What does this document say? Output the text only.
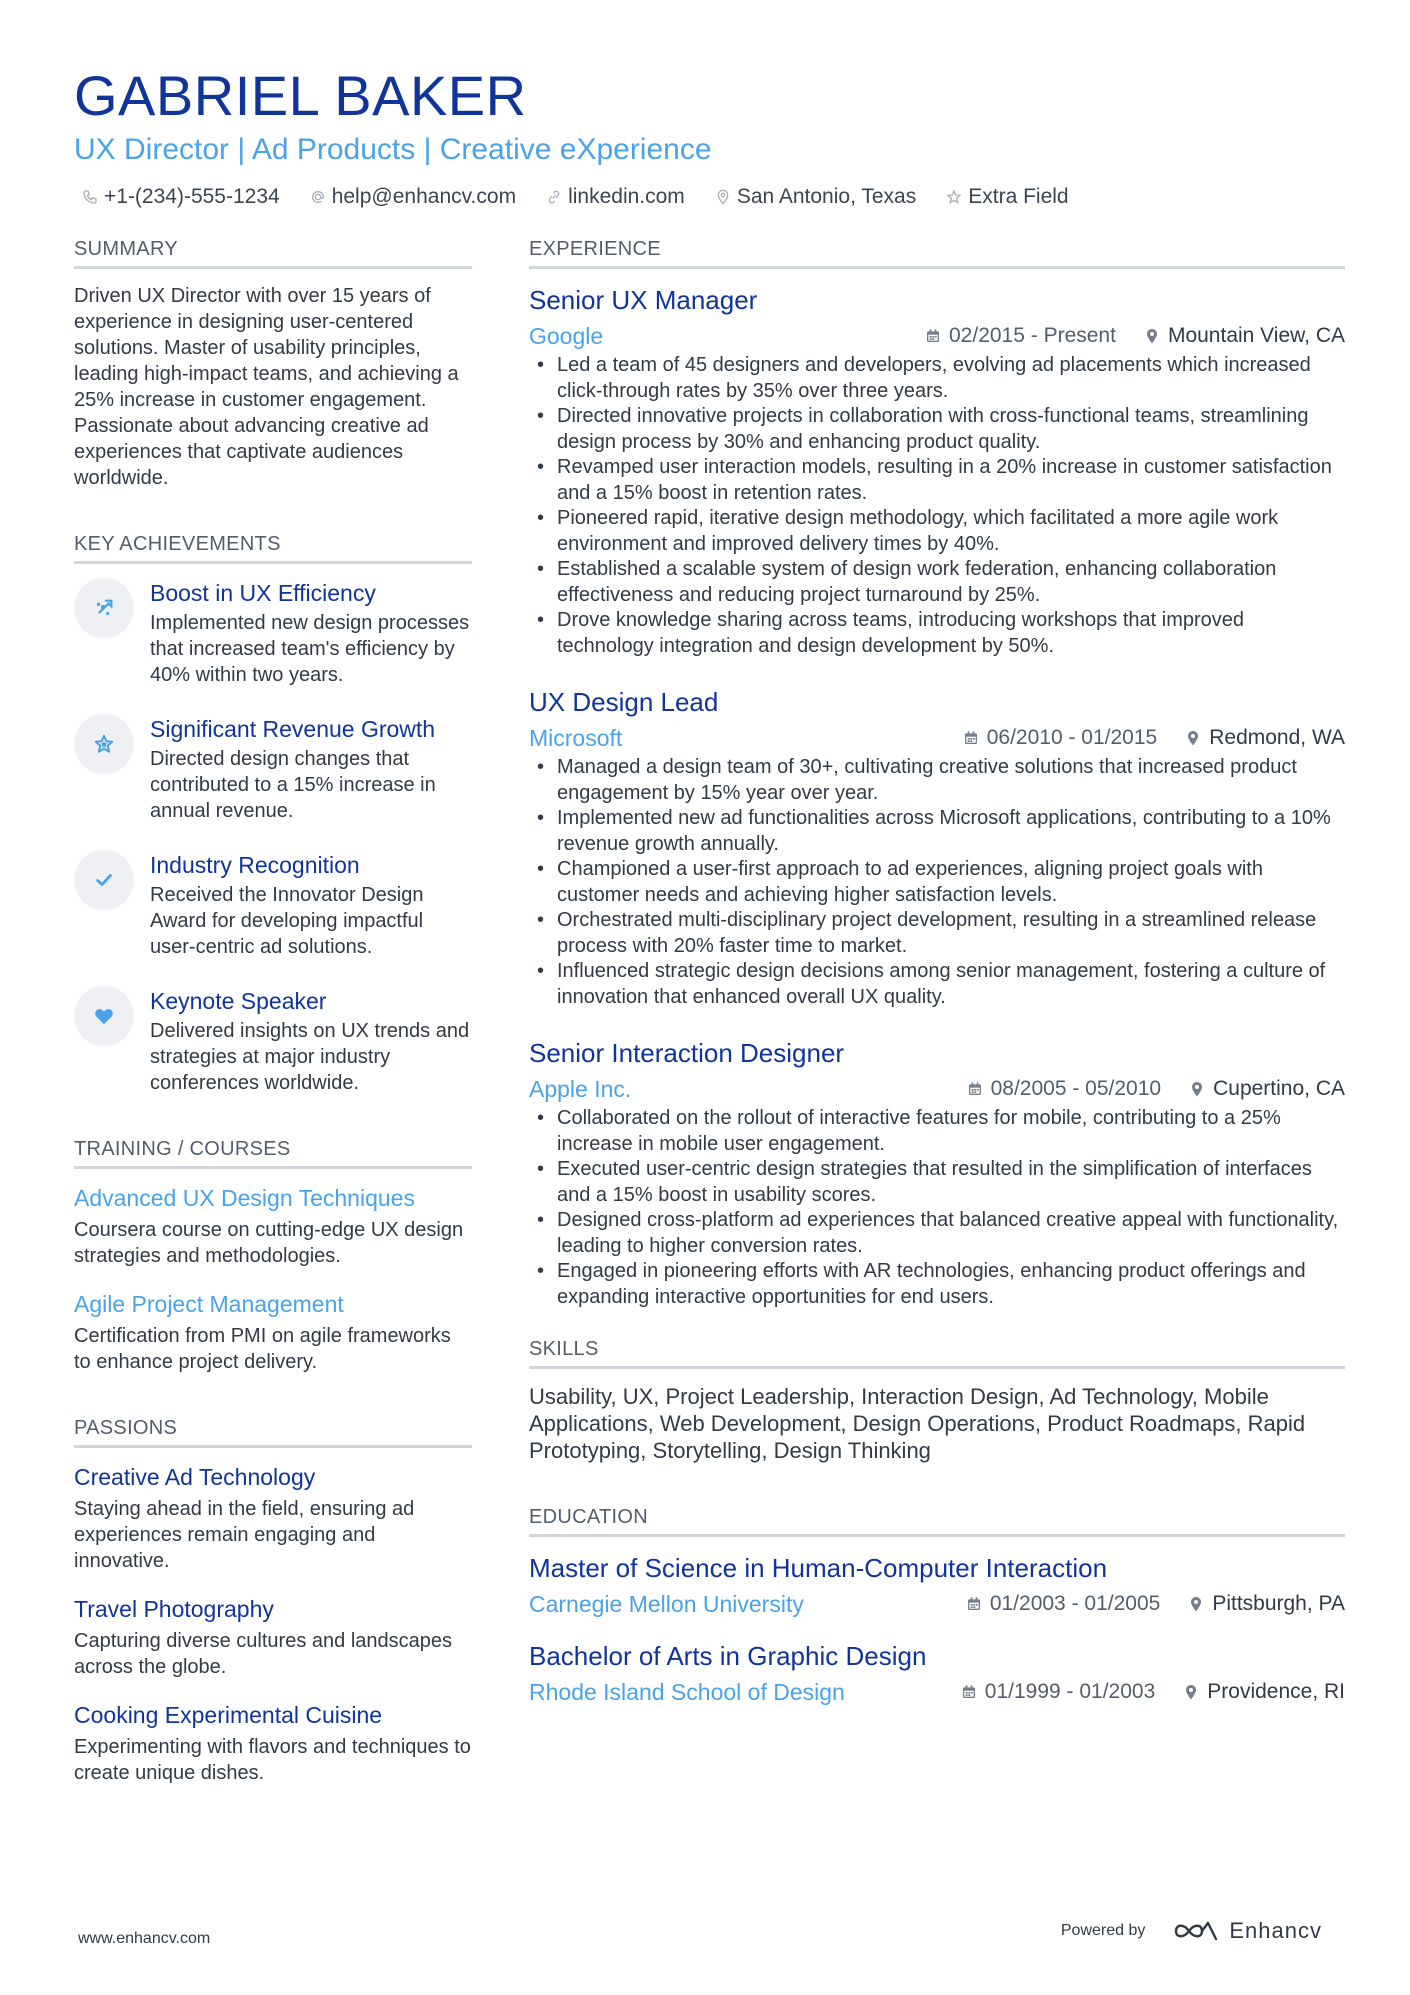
GABRIEL BAKER
UX Director | Ad Products | Creative eXperience
+1-(234)-555-1234 help@enhancv.com linkedin.com San Antonio, Texas Extra Field
SUMMARY

Driven UX Director with over 15 years of experience in designing user-centered solutions. Master of usability principles, leading high-impact teams, and achieving a 25% increase in customer engagement. Passionate about advancing creative ad experiences that captivate audiences worldwide.

KEY ACHIEVEMENTS
Boost in UX Efficiency

Implemented new design processes that increased team's efficiency by 40% within two years.

Significant Revenue Growth

Directed design changes that contributed to a 15% increase in annual revenue.

Industry Recognition

Received the Innovator Design Award for developing impactful user-centric ad solutions.

Keynote Speaker

Delivered insights on UX trends and strategies at major industry conferences worldwide.

TRAINING / COURSES
Advanced UX Design Techniques

Coursera course on cutting-edge UX design strategies and methodologies.

Agile Project Management

Certification from PMI on agile frameworks to enhance project delivery.

PASSIONS
Creative Ad Technology

Staying ahead in the field, ensuring ad experiences remain engaging and innovative.

Travel Photography

Capturing diverse cultures and landscapes across the globe.

Cooking Experimental Cuisine

Experimenting with flavors and techniques to create unique dishes.

EXPERIENCE
Senior UX Manager
Google	02/2015 - Present Mountain View, CA
• Led a team of 45 designers and developers, evolving ad placements which increased click-through rates by 35% over three years.
• Directed innovative projects in collaboration with cross-functional teams, streamlining design process by 30% and enhancing product quality.
• Revamped user interaction models, resulting in a 20% increase in customer satisfaction and a 15% boost in retention rates.
• Pioneered rapid, iterative design methodology, which facilitated a more agile work environment and improved delivery times by 40%.
• Established a scalable system of design work federation, enhancing collaboration effectiveness and reducing project turnaround by 25%.
• Drove knowledge sharing across teams, introducing workshops that improved technology integration and design development by 50%.
UX Design Lead
Microsoft	06/2010 - 01/2015 Redmond, WA
• Managed a design team of 30+, cultivating creative solutions that increased product engagement by 15% year over year.
• Implemented new ad functionalities across Microsoft applications, contributing to a 10% revenue growth annually.
• Championed a user-first approach to ad experiences, aligning project goals with customer needs and achieving higher satisfaction levels.
• Orchestrated multi-disciplinary project development, resulting in a streamlined release process with 20% faster time to market.
• Influenced strategic design decisions among senior management, fostering a culture of innovation that enhanced overall UX quality.
Senior Interaction Designer
Apple Inc.	08/2005 - 05/2010 Cupertino, CA
• Collaborated on the rollout of interactive features for mobile, contributing to a 25% increase in mobile user engagement.
• Executed user-centric design strategies that resulted in the simplification of interfaces and a 15% boost in usability scores.
• Designed cross-platform ad experiences that balanced creative appeal with functionality, leading to higher conversion rates.
• Engaged in pioneering efforts with AR technologies, enhancing product offerings and expanding interactive opportunities for end users.
SKILLS

Usability, UX, Project Leadership, Interaction Design, Ad Technology, Mobile Applications, Web Development, Design Operations, Product Roadmaps, Rapid Prototyping, Storytelling, Design Thinking

EDUCATION
Master of Science in Human-Computer Interaction
Carnegie Mellon University	01/2003 - 01/2005 Pittsburgh, PA
Bachelor of Arts in Graphic Design
Rhode Island School of Design	01/1999 - 01/2003 Providence, RI
www.enhancv.com	Powered by	Enhancv
